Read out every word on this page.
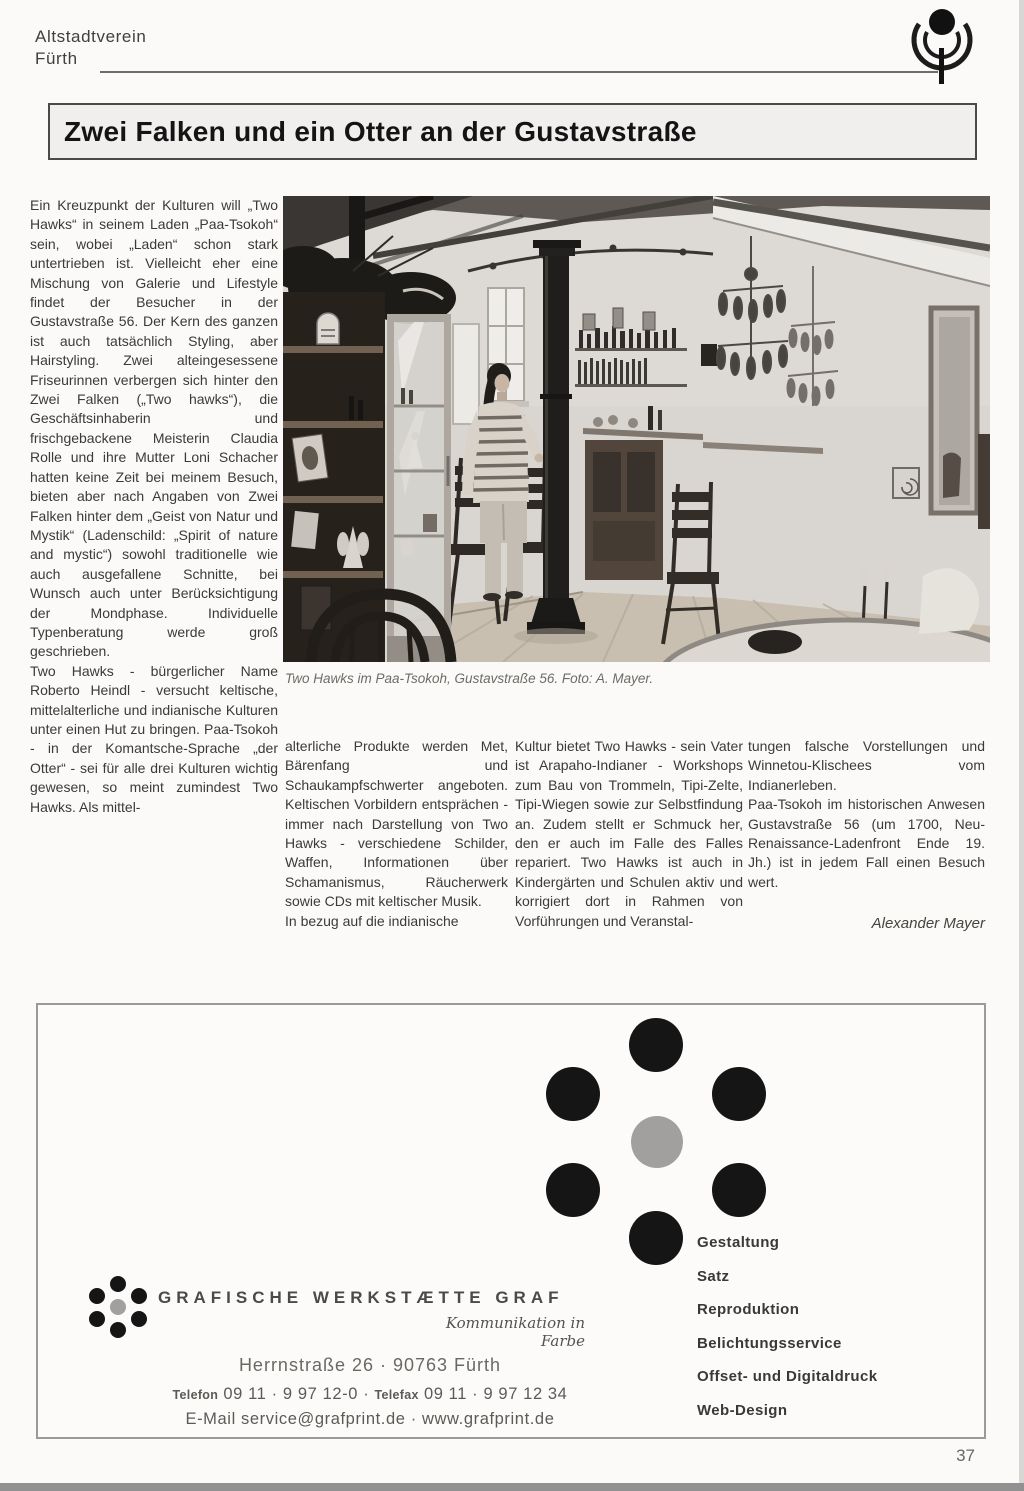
Altstadtverein
Fürth
Zwei Falken und ein Otter an der Gustavstraße

Ein Kreuzpunkt der Kulturen will „Two Hawks“ in seinem Laden „Paa-Tsokoh“ sein, wobei „Laden“ schon stark untertrieben ist. Vielleicht eher eine Mischung von Galerie und Lifestyle findet der Besucher in der Gustavstraße 56. Der Kern des ganzen ist auch tatsächlich Styling, aber Hairstyling. Zwei alteingesessene Friseurinnen verbergen sich hinter den Zwei Falken („Two hawks“), die Geschäftsinhaberin und frischgebackene Meisterin Claudia Rolle und ihre Mutter Loni Schacher hatten keine Zeit bei meinem Besuch, bieten aber nach Angaben von Zwei Falken hinter dem „Geist von Natur und Mystik“ (Ladenschild: „Spirit of nature and mystic“) sowohl traditionelle wie auch ausgefallene Schnitte, bei Wunsch auch unter Berücksichtigung der Mondphase. Individuelle Typenberatung werde groß geschrieben.

Two Hawks - bürgerlicher Name Roberto Heindl - versucht keltische, mittelalterliche und indianische Kulturen unter einen Hut zu bringen. Paa-Tsokoh - in der Komantsche-Sprache „der Otter“ - sei für alle drei Kulturen wichtig gewesen, so meint zumindest Two Hawks. Als mittel-

Two Hawks im Paa-Tsokoh, Gustavstraße 56. Foto: A. Mayer.

alterliche Produkte werden Met, Bärenfang und Schaukampfschwerter angeboten. Keltischen Vorbildern entsprächen - immer nach Darstellung von Two Hawks - verschiedene Schilder, Waffen, Informationen über Schamanismus, Räucherwerk sowie CDs mit keltischer Musik.

In bezug auf die indianische

Kultur bietet Two Hawks - sein Vater ist Arapaho-Indianer - Workshops zum Bau von Trommeln, Tipi-Zelte, Tipi-Wiegen sowie zur Selbstfindung an. Zudem stellt er Schmuck her, den er auch im Falle des Falles repariert. Two Hawks ist auch in Kindergärten und Schulen aktiv und korrigiert dort in Rahmen von Vorführungen und Veranstal-

tungen falsche Vorstellungen und Winnetou-Klischees vom Indianerleben.

Paa-Tsokoh im historischen Anwesen Gustavstraße 56 (um 1700, Neu-Renaissance-Ladenfront Ende 19. Jh.) ist in jedem Fall einen Besuch wert.

Alexander Mayer

Gestaltung
Satz
Reproduktion
Belichtungsservice
Offset- und Digitaldruck
Web-Design
GRAFISCHE WERKSTÆTTE GRAF
Kommunikation in Farbe
Herrnstraße 26 · 90763 Fürth
Telefon 09 11 · 9 97 12-0 · Telefax 09 11 · 9 97 12 34
E-Mail service@grafprint.de · www.grafprint.de
37
